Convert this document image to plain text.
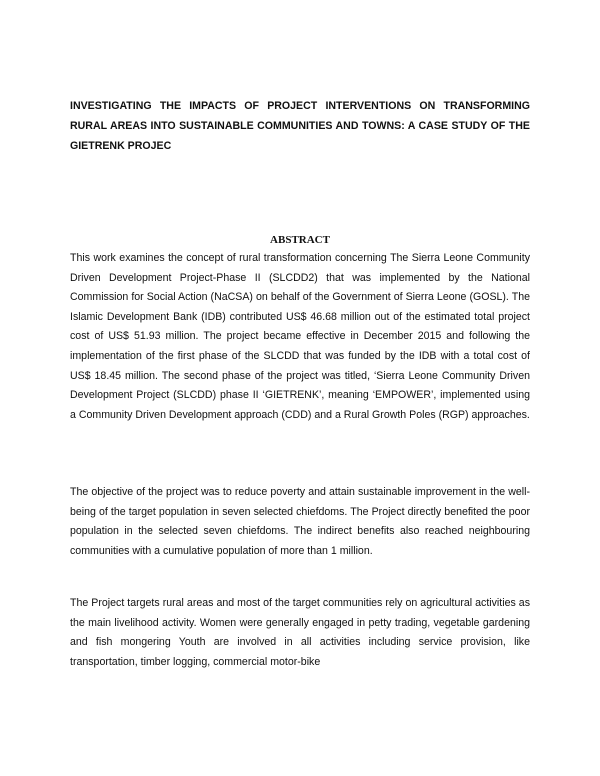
INVESTIGATING THE IMPACTS OF PROJECT INTERVENTIONS ON TRANSFORMING RURAL AREAS INTO SUSTAINABLE COMMUNITIES AND TOWNS: A CASE STUDY OF THE GIETRENK PROJEC
ABSTRACT

This work examines the concept of rural transformation concerning The Sierra Leone Community Driven Development Project-Phase II (SLCDD2) that was implemented by the National Commission for Social Action (NaCSA) on behalf of the Government of Sierra Leone (GOSL). The Islamic Development Bank (IDB) contributed US$ 46.68 million out of the estimated total project cost of US$ 51.93 million. The project became effective in December 2015 and following the implementation of the first phase of the SLCDD that was funded by the IDB with a total cost of US$ 18.45 million. The second phase of the project was titled, ‘Sierra Leone Community Driven Development Project (SLCDD) phase II ‘GIETRENK’, meaning ‘EMPOWER’, implemented using a Community Driven Development approach (CDD) and a Rural Growth Poles (RGP) approaches.

The objective of the project was to reduce poverty and attain sustainable improvement in the well-being of the target population in seven selected chiefdoms. The Project directly benefited the poor population in the selected seven chiefdoms. The indirect benefits also reached neighbouring communities with a cumulative population of more than 1 million.

The Project targets rural areas and most of the target communities rely on agricultural activities as the main livelihood activity. Women were generally engaged in petty trading, vegetable gardening and fish mongering Youth are involved in all activities including service provision, like transportation, timber logging, commercial motor-bike
